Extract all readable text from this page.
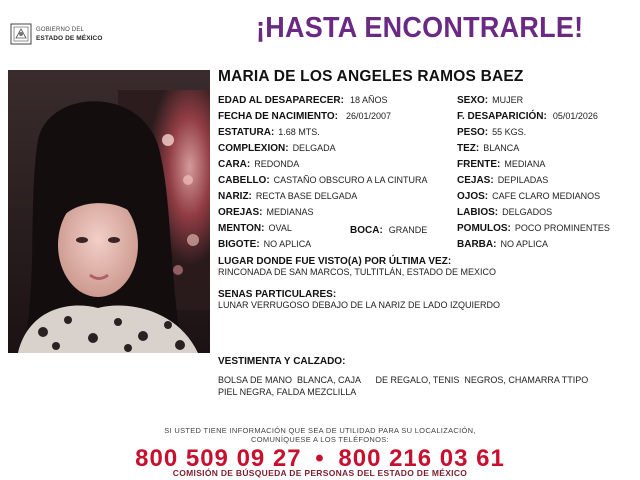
GOBIERNO DEL
ESTADO DE MÉXICO	¡HASTA ENCONTRARLE!
MARIA DE LOS ANGELES RAMOS BAEZ
EDAD AL DESAPARECER: 18 AÑOS
FECHA DE NACIMIENTO: 26/01/2007
ESTATURA: 1.68 MTS.
COMPLEXION: DELGADA
CARA: REDONDA
CABELLO: CASTAÑO OBSCURO A LA CINTURA
NARIZ: RECTA BASE DELGADA
OREJAS: MEDIANAS
MENTON: OVAL	BOCA: GRANDE
BIGOTE: NO APLICA
SEXO: MUJER
F. DESAPARICIÓN: 05/01/2026
PESO: 55 KGS.
TEZ: BLANCA
FRENTE: MEDIANA
CEJAS: DEPILADAS
OJOS: CAFE CLARO MEDIANOS
LABIOS: DELGADOS
POMULOS: POCO PROMINENTES
BARBA: NO APLICA
LUGAR DONDE FUE VISTO(A) POR ÚLTIMA VEZ:
RINCONADA DE SAN MARCOS, TULTITLÁN, ESTADO DE MEXICO
SENAS PARTICULARES:
LUNAR VERRUGOSO DEBAJO DE LA NARIZ DE LADO IZQUIERDO
VESTIMENTA Y CALZADO:
BOLSA DE MANO  BLANCA, CAJA      DE REGALO, TENIS  NEGROS, CHAMARRA TTIPO
PIEL NEGRA, FALDA MEZCLILLA
SI USTED TIENE INFORMACIÓN QUE SEA DE UTILIDAD PARA SU LOCALIZACIÓN,
COMUNÍQUESE A LOS TELÉFONOS:
800 509 09 27 • 800 216 03 61
COMISIÓN DE BÚSQUEDA DE PERSONAS DEL ESTADO DE MÉXICO
